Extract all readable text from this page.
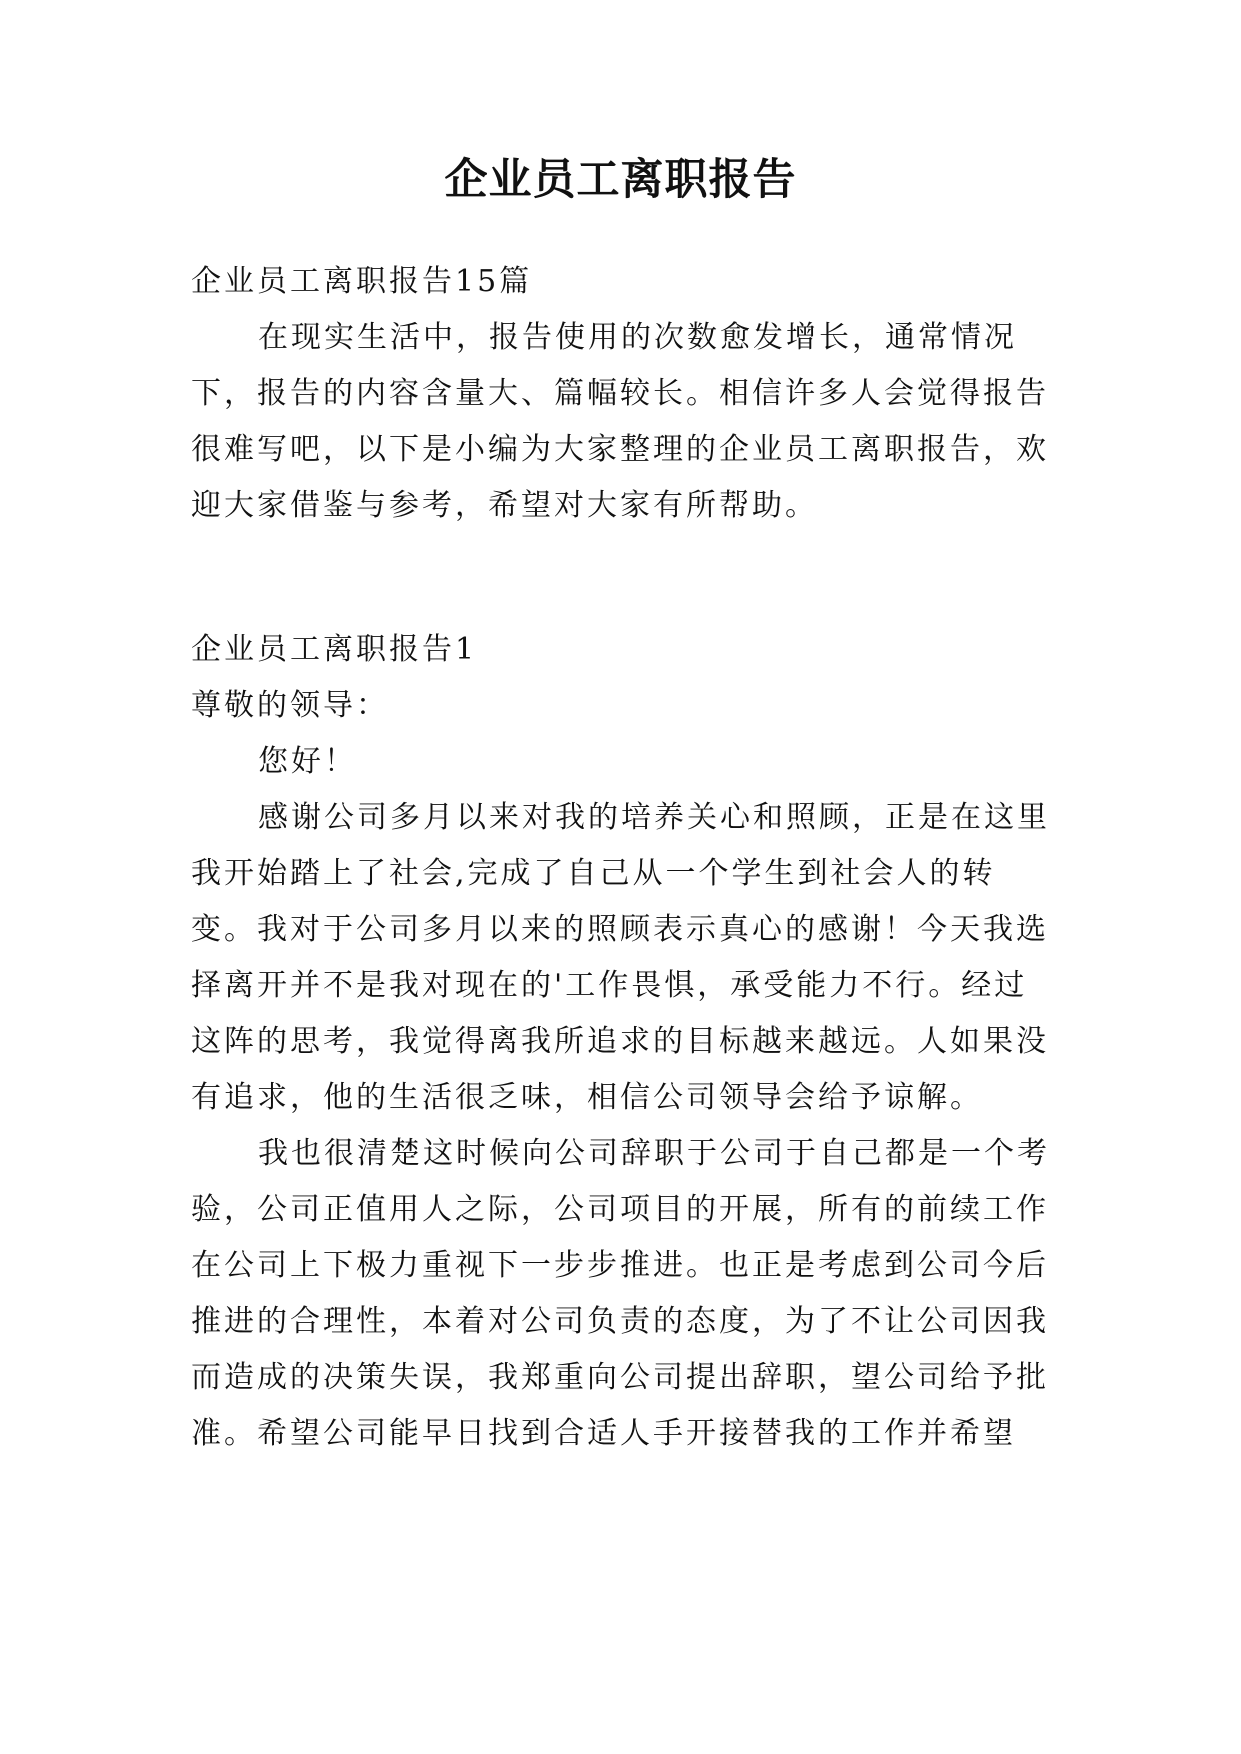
企业员工离职报告

企业员工离职报告15篇

在现实生活中，报告使用的次数愈发增长，通常情况下，报告的内容含量大、篇幅较长。相信许多人会觉得报告很难写吧，以下是小编为大家整理的企业员工离职报告，欢迎大家借鉴与参考，希望对大家有所帮助。

企业员工离职报告1

尊敬的领导：

您好！

感谢公司多月以来对我的培养关心和照顾，正是在这里我开始踏上了社会,完成了自己从一个学生到社会人的转变。我对于公司多月以来的照顾表示真心的感谢！今天我选择离开并不是我对现在的'工作畏惧，承受能力不行。经过这阵的思考，我觉得离我所追求的目标越来越远。人如果没有追求，他的生活很乏味，相信公司领导会给予谅解。

我也很清楚这时候向公司辞职于公司于自己都是一个考验，公司正值用人之际，公司项目的开展，所有的前续工作在公司上下极力重视下一步步推进。也正是考虑到公司今后推进的合理性，本着对公司负责的态度，为了不让公司因我而造成的决策失误，我郑重向公司提出辞职，望公司给予批准。希望公司能早日找到合适人手开接替我的工作并希望
